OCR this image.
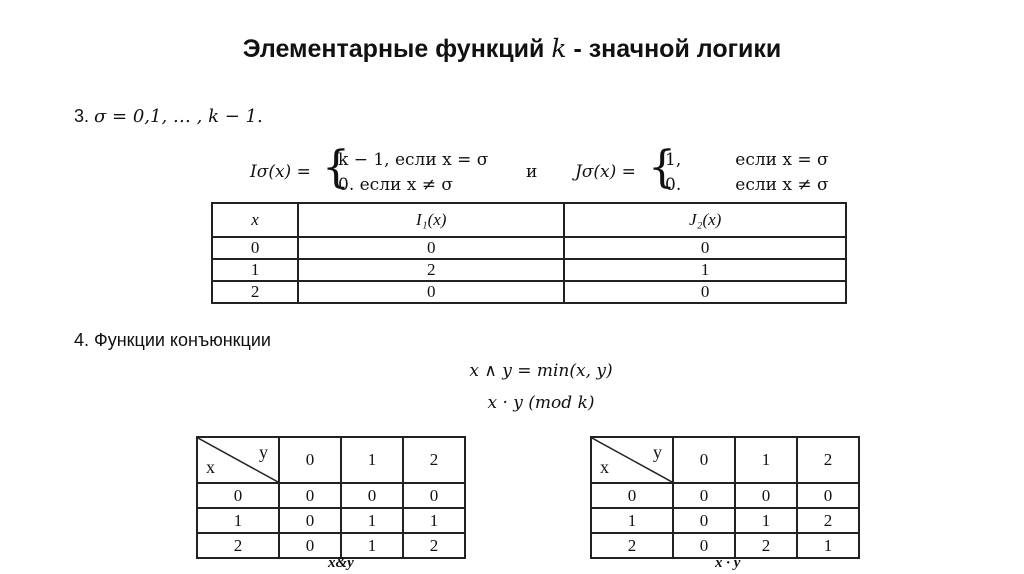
Элементарные функций k - значной логики
3. σ = 0,1, … , k − 1.
Iσ(x) = {
k − 1, если x = σ
0. если x ≠ σ
и Jσ(x) = {
1,          если x = σ
0.          если x ≠ σ
x	I₁(x)	J₂(x)
0	0	0
1	2	1
2	0	0
4. Функции конъюнкции
x ∧ y = min(x, y)
x · y (mod k)
y
x	0	1	2
0	0	0	0
1	0	1	1
2	0	1	2
x&y
y
x	0	1	2
0	0	0	0
1	0	1	2
2	0	2	1
x · y
